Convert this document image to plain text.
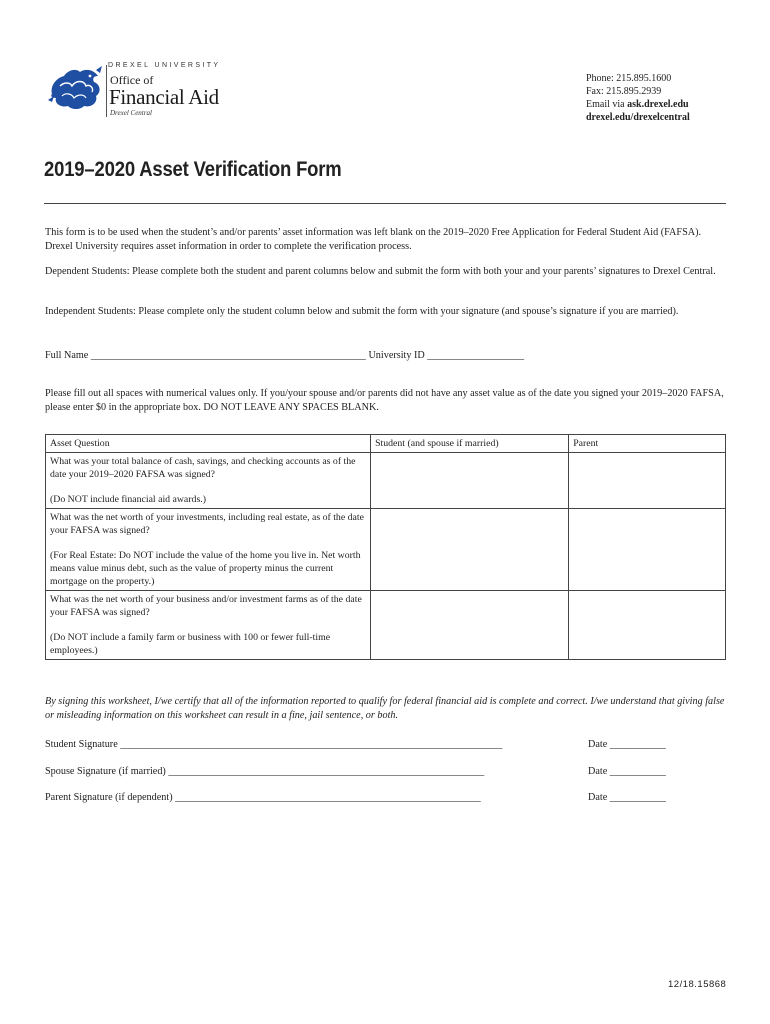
DREXEL UNIVERSITY
Office of
Financial Aid
Drexel Central
Phone: 215.895.1600
Fax: 215.895.2939
Email via ask.drexel.edu
drexel.edu/drexelcentral
2019–2020 Asset Verification Form
This form is to be used when the student’s and/or parents’ asset information was left blank on the 2019–2020 Free Application for Federal Student Aid (FAFSA). Drexel University requires asset information in order to complete the verification process.
Dependent Students: Please complete both the student and parent columns below and submit the form with both your and your parents’ signatures to Drexel Central.
Independent Students: Please complete only the student column below and submit the form with your signature (and spouse’s signature if you are married).
Full Name ______________________________________________________ University ID ___________________
Please fill out all spaces with numerical values only. If you/your spouse and/or parents did not have any asset value as of the date you signed your 2019–2020 FAFSA, please enter $0 in the appropriate box. DO NOT LEAVE ANY SPACES BLANK.
Asset Question	Student (and spouse if married)	Parent

What was your total balance of cash, savings, and checking accounts as of the date your 2019–2020 FAFSA was signed?
(Do NOT include financial aid awards.)		

What was the net worth of your investments, including real estate, as of the date your FAFSA was signed?
(For Real Estate: Do NOT include the value of the home you live in. Net worth means value minus debt, such as the value of property minus the current mortgage on the property.)		

What was the net worth of your business and/or investment farms as of the date your FAFSA was signed?
(Do NOT include a family farm or business with 100 or fewer full-time employees.)		

By signing this worksheet, I/we certify that all of the information reported to qualify for federal financial aid is complete and correct. I/we understand that giving false or misleading information on this worksheet can result in a fine, jail sentence, or both.
Student Signature ___________________________________________________________________________	Date ___________
Spouse Signature (if married) ______________________________________________________________	Date ___________
Parent Signature (if dependent) ____________________________________________________________	Date ___________
12/18.15868
